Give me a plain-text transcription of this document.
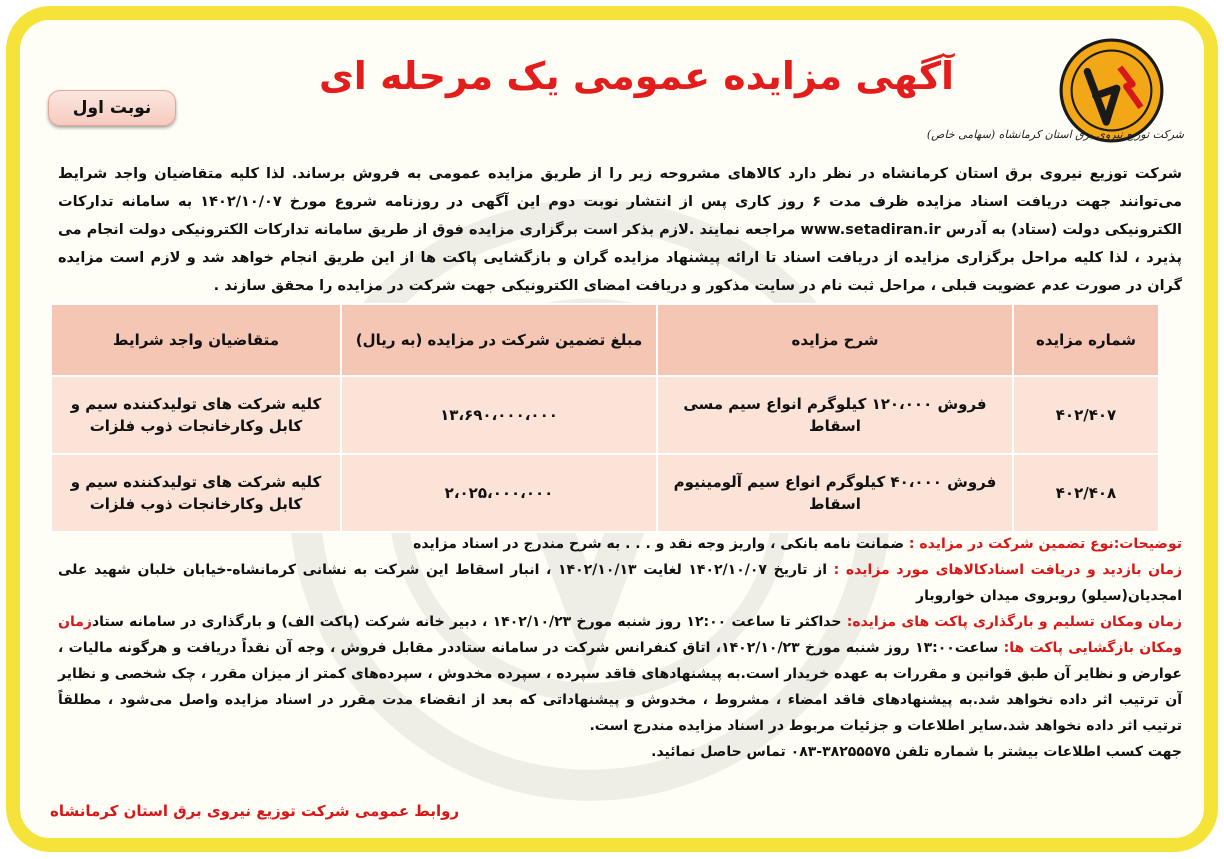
شرکت توزیع نیروی برق استان کرمانشاه (سهامی خاص)
آگهی مزایده عمومی یک مرحله ای
نوبت اول

شرکت توزیع نیروی برق استان کرمانشاه در نظر دارد کالاهای مشروحه زیر را از طریق مزایده عمومی به فروش برساند. لذا کلیه متقاضیان واجد شرایط می‌توانند جهت دریافت اسناد مزایده ظرف مدت ۶ روز کاری پس از انتشار نوبت دوم این آگهی در روزنامه شروع مورخ ۱۴۰۲/۱۰/۰۷ به سامانه تدارکات الکترونیکی دولت (ستاد) به آدرس www.setadiran.ir مراجعه نمایند .لازم بذکر است برگزاری مزایده فوق از طریق سامانه تدارکات الکترونیکی دولت انجام می پذیرد ، لذا کلیه مراحل برگزاری مزایده از دریافت اسناد تا ارائه پیشنهاد مزایده گران و بازگشایی پاکت ها از این طریق انجام خواهد شد و لازم است مزایده گران در صورت عدم عضویت قبلی ، مراحل ثبت نام در سایت مذکور و دریافت امضای الکترونیکی جهت شرکت در مزایده را محقق سازند .

شماره مزایده	شرح مزایده	مبلغ تضمین شرکت در مزایده (به ریال)	متقاضیان واجد شرایط
۴۰۲/۴۰۷	فروش ۱۲۰،۰۰۰ کیلوگرم انواع سیم مسی اسقاط	۱۳،۶۹۰،۰۰۰،۰۰۰	کلیه شرکت های تولیدکننده سیم و کابل وکارخانجات ذوب فلزات
۴۰۲/۴۰۸	فروش ۴۰،۰۰۰ کیلوگرم انواع سیم آلومینیوم اسقاط	۲،۰۲۵،۰۰۰،۰۰۰	کلیه شرکت های تولیدکننده سیم و کابل وکارخانجات ذوب فلزات

توضیحات:نوع تضمین شرکت در مزایده : ضمانت نامه بانکی ، واریز وجه نقد و . . . به شرح مندرج در اسناد مزایده

زمان بازدید و دریافت اسنادکالاهای مورد مزایده : از تاریخ ۱۴۰۲/۱۰/۰۷ لغایت ۱۴۰۲/۱۰/۱۳ ، انبار اسقاط این شرکت به نشانی کرمانشاه-خیابان خلبان شهید علی امجدیان(سیلو) روبروی میدان خواروبار

زمان ومکان تسلیم و بارگذاری پاکت های مزایده: حداکثر تا ساعت ۱۲:۰۰ روز شنبه مورخ ۱۴۰۲/۱۰/۲۳ ، دبیر خانه شرکت (پاکت الف) و بارگذاری در سامانه ستادزمان ومکان بازگشایی پاکت ها: ساعت۱۳:۰۰ روز شنبه مورخ ۱۴۰۲/۱۰/۲۳، اتاق کنفرانس شرکت در سامانه ستاددر مقابل فروش ، وجه آن نقداً دریافت و هرگونه مالیات ، عوارض و نظایر آن طبق قوانین و مقررات به عهده خریدار است.به پیشنهادهای فاقد سپرده ، سپرده مخدوش ، سپرده‌های کمتر از میزان مقرر ، چک شخصی و نظایر آن ترتیب اثر داده نخواهد شد.به پیشنهادهای فاقد امضاء ، مشروط ، مخدوش و پیشنهاداتی که بعد از انقضاء مدت مقرر در اسناد مزایده واصل می‌شود ، مطلقاً ترتیب اثر داده نخواهد شد.سایر اطلاعات و جزئیات مربوط در اسناد مزایده مندرج است.

جهت کسب اطلاعات بیشتر با شماره تلفن ۳۸۲۵۵۵۷۵-۰۸۳ تماس حاصل نمائید.

روابط عمومی شرکت توزیع نیروی برق استان کرمانشاه
